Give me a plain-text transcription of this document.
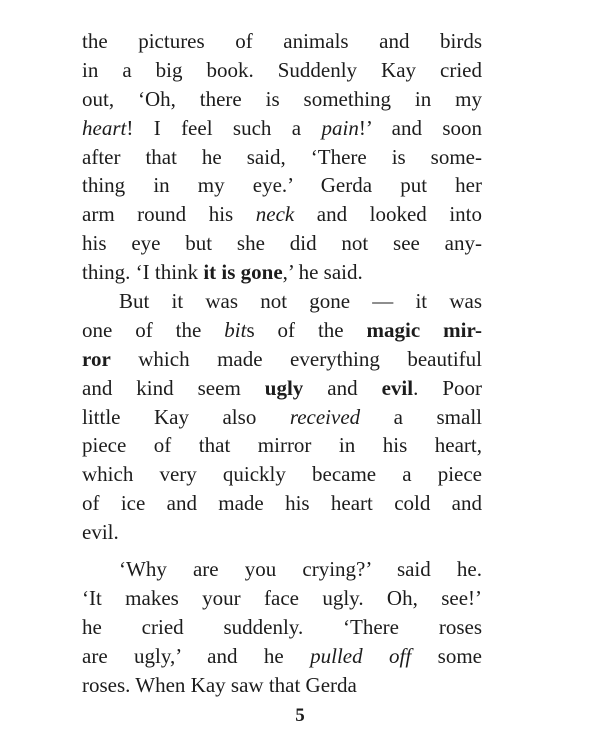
the pictures of animals and birds
in a big book. Suddenly Kay cried
out, ‘Oh, there is something in my
heart! I feel such a pain!’ and soon
after that he said, ‘There is some-
thing in my eye.’ Gerda put her
arm round his neck and looked into
his eye but she did not see any-
thing. ‘I think it is gone,’ he said.
But it was not gone — it was
one of the bits of the magic mir-
ror which made everything beautiful
and kind seem ugly and evil. Poor
little Kay also received a small
piece of that mirror in his heart,
which very quickly became a piece
of ice and made his heart cold and
evil.
‘Why are you crying?’ said he.
‘It makes your face ugly. Oh, see!’
he cried suddenly. ‘There roses
are ugly,’ and he pulled off some
roses. When Kay saw that Gerda
5
